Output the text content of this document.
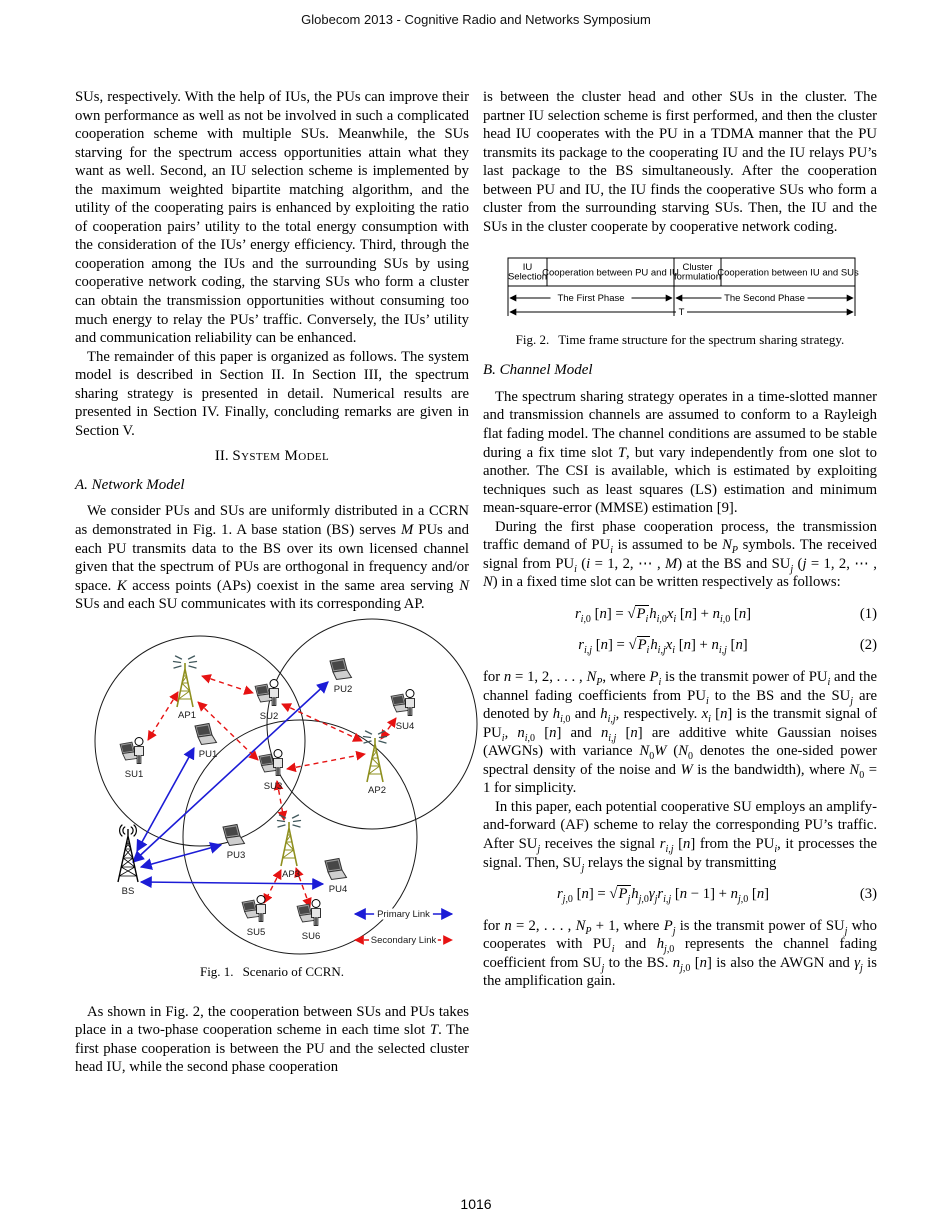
Globecom 2013 - Cognitive Radio and Networks Symposium

SUs, respectively. With the help of IUs, the PUs can improve their own performance as well as not be involved in such a complicated cooperation scheme with multiple SUs. Meanwhile, the SUs starving for the spectrum access opportunities attain what they want as well. Second, an IU selection scheme is implemented by the maximum weighted bipartite matching algorithm, and the utility of the cooperating pairs is enhanced by exploiting the ratio of cooperation pairs’ utility to the total energy consumption with the consideration of the IUs’ energy efficiency. Third, through the cooperation among the IUs and the surrounding SUs by using cooperative network coding, the starving SUs who form a cluster can obtain the transmission opportunities without consuming too much energy to relay the PUs’ traffic. Conversely, the IUs’ utility and communication reliability can be enhanced.

The remainder of this paper is organized as follows. The system model is described in Section II. In Section III, the spectrum sharing strategy is presented in detail. Numerical results are presented in Section IV. Finally, concluding remarks are given in Section V.

II. System Model
A. Network Model

We consider PUs and SUs are uniformly distributed in a CCRN as demonstrated in Fig. 1. A base station (BS) serves M PUs and each PU transmits data to the BS over its own licensed channel given that the spectrum of PUs are orthogonal in frequency and/or space. K access points (APs) coexist in the same area serving N SUs and each SU communicates with its corresponding AP.

AP1
SU1
PU1
SU2
PU2
SU4
AP2
SU3
BS
PU3
AP3
PU4
SU5	SU6
Primary Link
Secondary Link
Fig. 1. Scenario of CCRN.

As shown in Fig. 2, the cooperation between SUs and PUs takes place in a two-phase cooperation scheme in each time slot T. The first phase cooperation is between the PU and the selected cluster head IU, while the second phase cooperation

is between the cluster head and other SUs in the cluster. The partner IU selection scheme is first performed, and then the cluster head IU cooperates with the PU in a TDMA manner that the PU transmits its package to the cooperating IU and the IU relays PU’s last package to the BS simultaneously. After the cooperation between PU and IU, the IU finds the cooperative SUs who form a cluster from the surrounding starving SUs. Then, the IU and the SUs in the cluster cooperate by cooperative network coding.

IU Selection
Cooperation between PU and IU Cluster formulation
Cooperation between IU and SUs
The First Phase	The Second Phase
T
Fig. 2. Time frame structure for the spectrum sharing strategy.
B. Channel Model

The spectrum sharing strategy operates in a time-slotted manner and transmission channels are assumed to conform to a Rayleigh flat fading model. The channel conditions are assumed to be stable during a fix time slot T, but vary independently from one slot to another. The CSI is available, which is estimated by exploiting techniques such as least squares (LS) estimation and minimum mean-square-error (MMSE) estimation [9].

During the first phase cooperation process, the transmission traffic demand of $PU_i$ is assumed to be $N_P$ symbols. The received signal from $PU_i$ (i = 1, 2, ⋯ , M) at the BS and $SU_j$ (j = 1, 2, ⋯ , N) in a fixed time slot can be written respectively as follows:

$r_{i,0}$ $[n] = √P_ih_{i,0}x_i$ $[n] + n_{i,0}$ [n]	(1)
$r_{i,j}$ $[n] = √P_ih_{i,j}x_i$ $[n] + n_{i,j}$ [n]	(2)

for n = 1, 2, . . . , $N_P$, where $P_i$ is the transmit power of $PU_i$ and the channel fading coefficients from $PU_i$ to the BS and the $SU_j$ are denoted by $h_{i,0}$ and $h_{i,j}$, respectively. $x_i$ [n] is the transmit signal of $PU_i$, $n_{i,0}$ [n] and $n_{i,j}$ [n] are additive white Gaussian noises (AWGNs) with variance $N_0W$ ($N_0$ denotes the one-sided power spectral density of the noise and W is the bandwidth), where $N_0 = 1$ for simplicity.

In this paper, each potential cooperative SU employs an amplify-and-forward (AF) scheme to relay the corresponding PU’s traffic. After $SU_j$ receives the signal $r_{i,j}$ [n] from the $PU_i$, it processes the signal. Then, $SU_j$ relays the signal by transmitting

$r_{j,0}$ $[n] = √P_jh_{j,0}\gamma_jr_{i,j}$ $[n - 1] + n_{j,0}$ [n]	(3)

for n = 2, . . . , $N_P + 1$, where $P_j$ is the transmit power of $SU_j$ who cooperates with $PU_i$ and $h_{j,0}$ represents the channel fading coefficient from $SU_j$ to the BS. $n_{j,0}$ [n] is also the AWGN and $\gamma_j$ is the amplification gain.

1016
